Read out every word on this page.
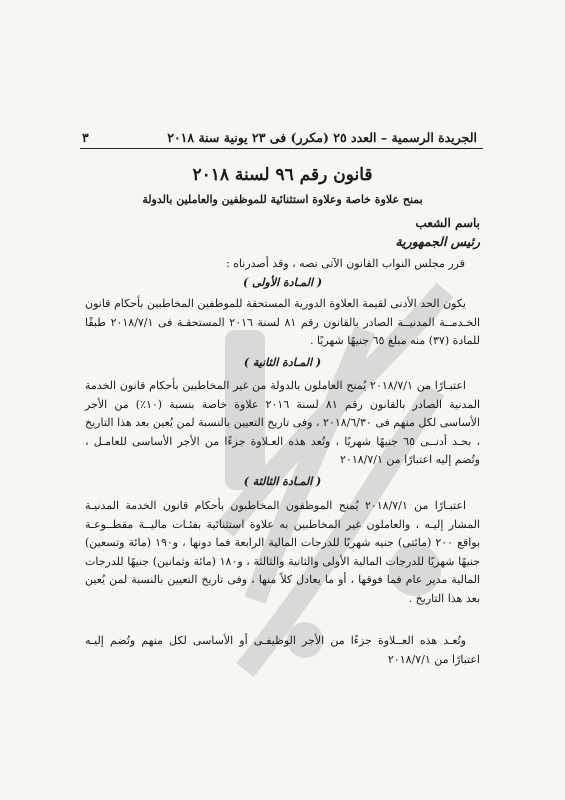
الجريدة الرسمية – العدد ٢٥ (مكرر) فى ٢٣ يونية سنة ٢٠١٨
٣
قانون رقم ٩٦ لسنة ٢٠١٨
بمنح علاوة خاصة وعلاوة استثنائية للموظفين والعاملين بالدولة
باسم الشعب
رئيس الجمهورية
قرر مجلس النواب القانون الآتى نصه ، وقد أصدرناه :
( المـادة الأولى )
يكون الحد الأدنى لقيمة العلاوة الدورية المستحقة للموظفين المخاطبين بأحكام قانون الخـدمــة المدنيــة الصادر بالقانون رقم ٨١ لسنة ٢٠١٦ المستحقـة فى ٢٠١٨/٧/١ طبقًا للمادة (٣٧) منه مبلغ ٦٥ جنيهًا شهريًا .
( المـادة الثانية )
اعتبـارًا من ٢٠١٨/٧/١ يُمنح العاملون بالدولة من غير المخاطبين بأحكام قانون الخدمة المدنية الصادر بالقانون رقم ٨١ لسنة ٢٠١٦ علاوة خاصة بنسبة (١٠٪) من الأجر الأساسى لكل منهم فى ٢٠١٨/٦/٣٠ ، وفى تاريخ التعيين بالنسبة لمن يُعين بعد هذا التاريخ ، بحـد أدنــى ٦٥ جنيهًا شهريًا ، وتُعد هذه العـلاوة جزءًا من الأجر الأساسى للعامـل ، وتُضم إليه اعتبارًا من ٢٠١٨/٧/١
( المـادة الثالثة )
اعتبـارًا من ٢٠١٨/٧/١ يُمنح الموظفون المخاطبون بأحكام قانون الخدمة المدنيـة المشار إليـه ، والعاملون غير المخاطبين به علاوة استثنائية بفئـات ماليــة مقطــوعـة بواقع ٢٠٠ (مائتى) جنيه شهريًا للدرجات المالية الرابعة فما دونها ، و١٩٠ (مائة وتسعين) جنيهًا شهريًا للدرجات المالية الأولى والثانية والثالثة ، و١٨٠ (مائة وثمانين) جنيهًا للدرجات المالية مدير عام فما فوقها ، أو ما يعادل كلاً منها ، وفى تاريخ التعيين بالنسبة لمن يُعين بعد هذا التاريخ .
وتُعـد هذه العــلاوة جزءًا من الأجر الوظيفـى أو الأساسى لكل منهم وتُضم إليـه اعتبارًا من ٢٠١٨/٧/١
